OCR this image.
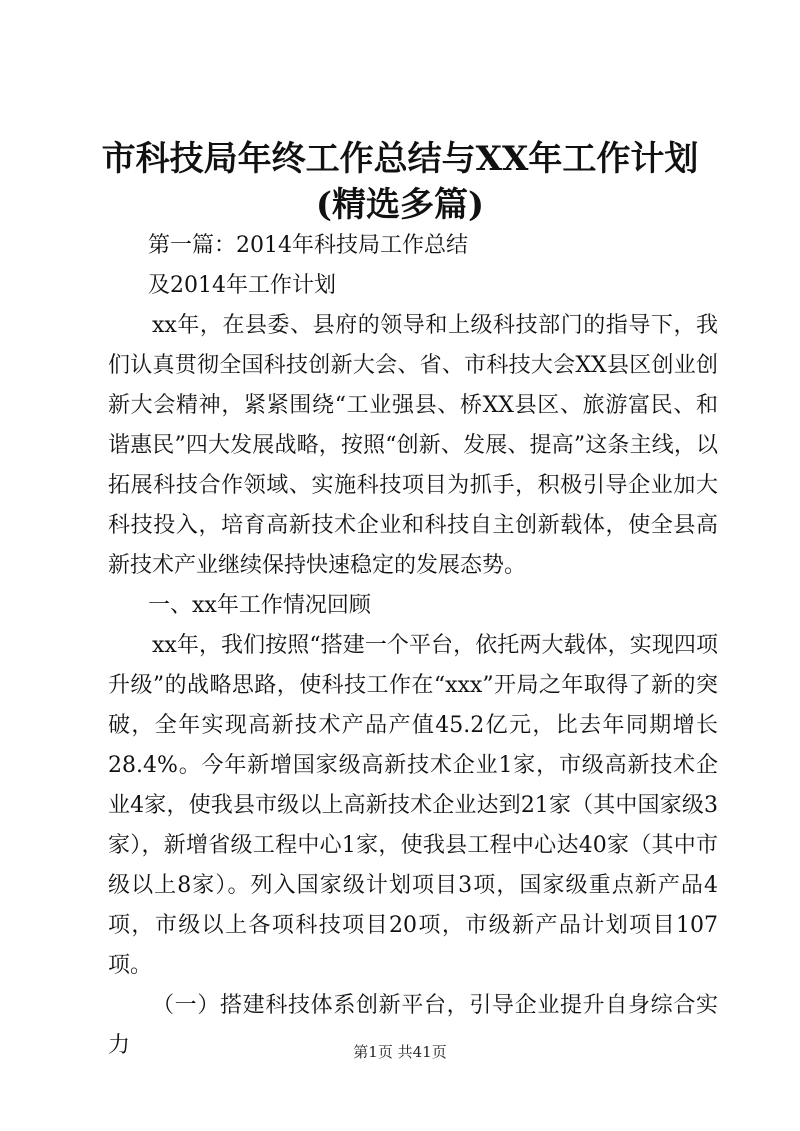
市科技局年终工作总结与XX年工作计划(精选多篇)

第一篇：2014年科技局工作总结

及2014年工作计划

xx年，在县委、县府的领导和上级科技部门的指导下，我们认真贯彻全国科技创新大会、省、市科技大会XX县区创业创新大会精神，紧紧围绕“工业强县、桥XX县区、旅游富民、和谐惠民”四大发展战略，按照“创新、发展、提高”这条主线，以拓展科技合作领域、实施科技项目为抓手，积极引导企业加大科技投入，培育高新技术企业和科技自主创新载体，使全县高新技术产业继续保持快速稳定的发展态势。

一、xx年工作情况回顾

xx年，我们按照“搭建一个平台，依托两大载体，实现四项升级”的战略思路，使科技工作在“xxx”开局之年取得了新的突破，全年实现高新技术产品产值45.2亿元，比去年同期增长28.4%。今年新增国家级高新技术企业1家，市级高新技术企业4家，使我县市级以上高新技术企业达到21家（其中国家级3家），新增省级工程中心1家，使我县工程中心达40家（其中市级以上8家）。列入国家级计划项目3项，国家级重点新产品4项，市级以上各项科技项目20项，市级新产品计划项目107项。

（一）搭建科技体系创新平台，引导企业提升自身综合实力	第1页 共41页
